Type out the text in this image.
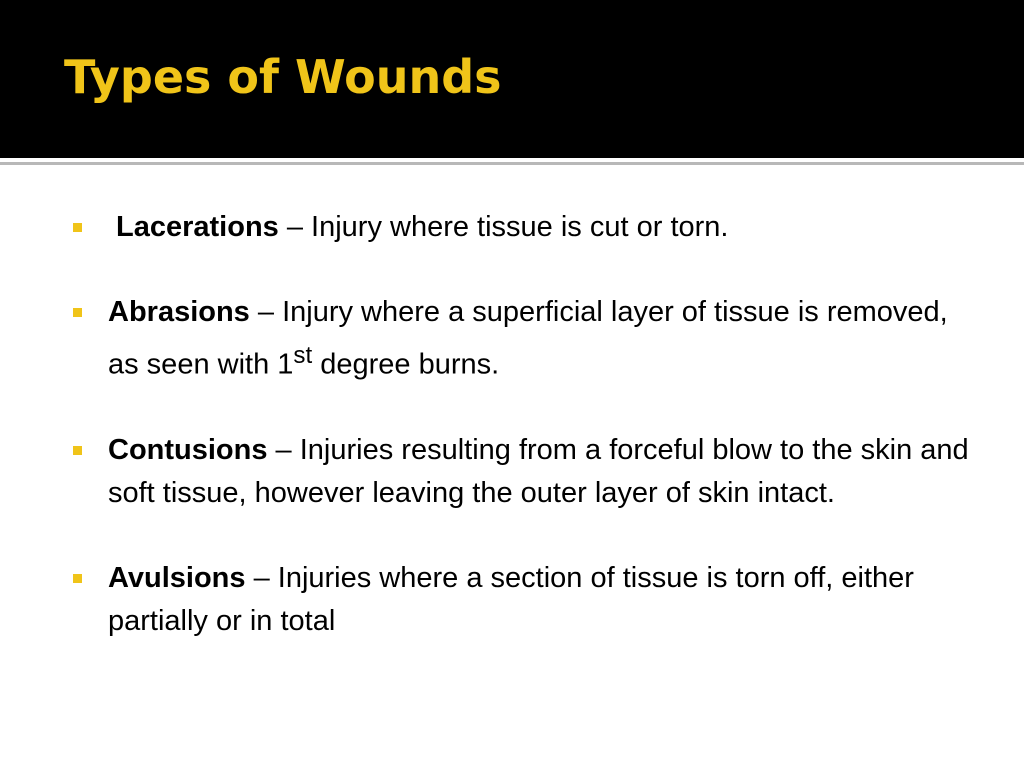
Types of Wounds
Lacerations – Injury where tissue is cut or torn.
Abrasions – Injury where a superficial layer of tissue is removed, as seen with 1st degree burns.
Contusions – Injuries resulting from a forceful blow to the skin and soft tissue, however leaving the outer layer of skin intact.
Avulsions – Injuries where a section of tissue is torn off, either partially or in total
